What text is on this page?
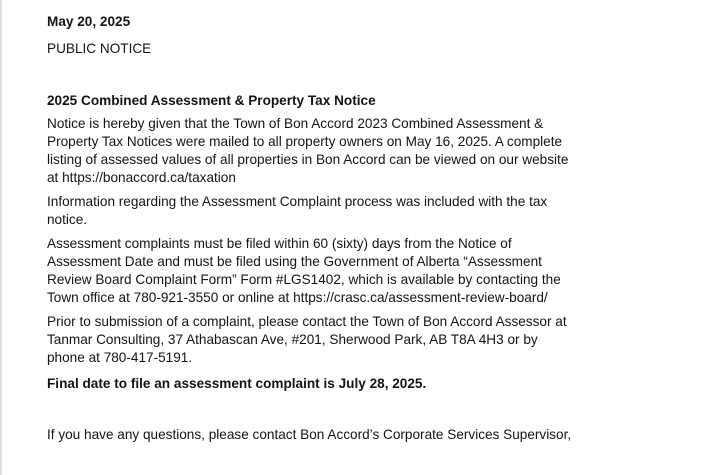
May 20, 2025

PUBLIC NOTICE

2025 Combined Assessment & Property Tax Notice

Notice is hereby given that the Town of Bon Accord 2023 Combined Assessment &
Property Tax Notices were mailed to all property owners on May 16, 2025. A complete
listing of assessed values of all properties in Bon Accord can be viewed on our website
at https://bonaccord.ca/taxation

Information regarding the Assessment Complaint process was included with the tax
notice.

Assessment complaints must be filed within 60 (sixty) days from the Notice of
Assessment Date and must be filed using the Government of Alberta “Assessment
Review Board Complaint Form” Form #LGS1402, which is available by contacting the
Town office at 780-921-3550 or online at https://crasc.ca/assessment-review-board/

Prior to submission of a complaint, please contact the Town of Bon Accord Assessor at
Tanmar Consulting, 37 Athabascan Ave, #201, Sherwood Park, AB T8A 4H3 or by
phone at 780-417-5191.

Final date to file an assessment complaint is July 28, 2025.

If you have any questions, please contact Bon Accord’s Corporate Services Supervisor,
